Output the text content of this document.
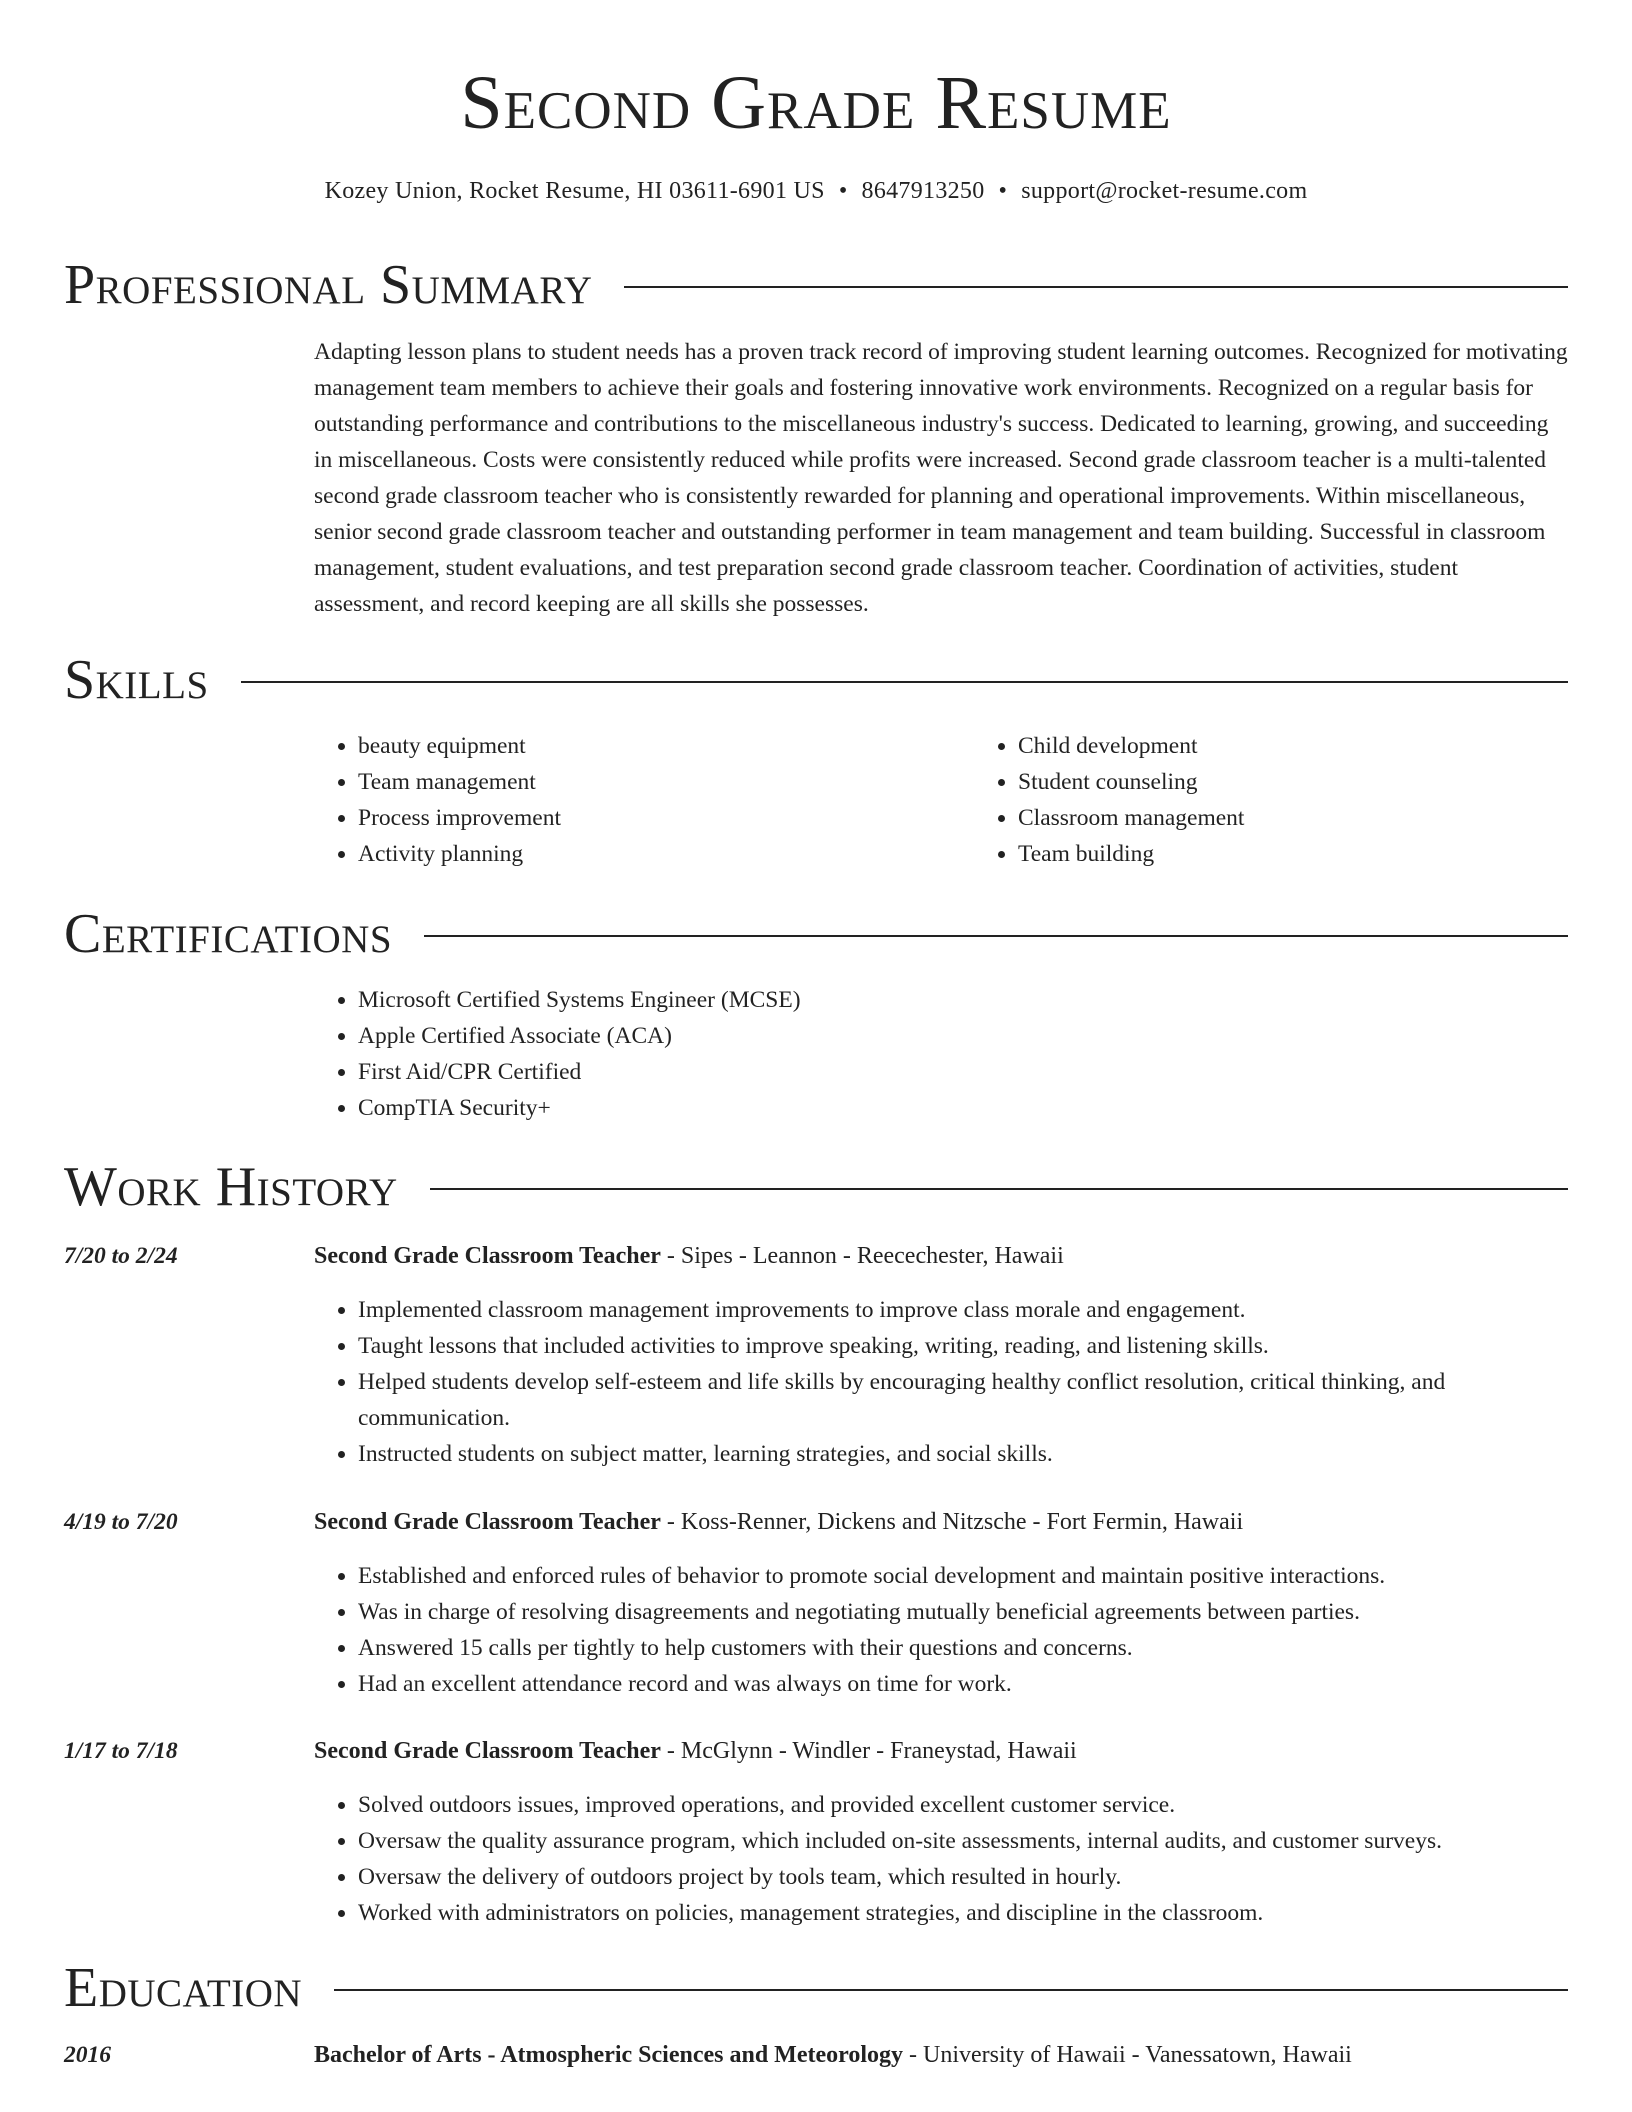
Second Grade Resume
Kozey Union, Rocket Resume, HI 03611-6901 US • 8647913250 • support@rocket-resume.com
Professional Summary

Adapting lesson plans to student needs has a proven track record of improving student learning outcomes. Recognized for motivating management team members to achieve their goals and fostering innovative work environments. Recognized on a regular basis for outstanding performance and contributions to the miscellaneous industry's success. Dedicated to learning, growing, and succeeding in miscellaneous. Costs were consistently reduced while profits were increased. Second grade classroom teacher is a multi-talented second grade classroom teacher who is consistently rewarded for planning and operational improvements. Within miscellaneous, senior second grade classroom teacher and outstanding performer in team management and team building. Successful in classroom management, student evaluations, and test preparation second grade classroom teacher. Coordination of activities, student assessment, and record keeping are all skills she possesses.

Skills
• beauty equipment
• Team management
• Process improvement
• Activity planning
• Child development
• Student counseling
• Classroom management
• Team building
Certifications
• Microsoft Certified Systems Engineer (MCSE)
• Apple Certified Associate (ACA)
• First Aid/CPR Certified
• CompTIA Security+
Work History
7/20 to 2/24	Second Grade Classroom Teacher - Sipes - Leannon - Reecechester, Hawaii
• Implemented classroom management improvements to improve class morale and engagement.
• Taught lessons that included activities to improve speaking, writing, reading, and listening skills.
• Helped students develop self-esteem and life skills by encouraging healthy conflict resolution, critical thinking, and communication.
• Instructed students on subject matter, learning strategies, and social skills.
4/19 to 7/20	Second Grade Classroom Teacher - Koss-Renner, Dickens and Nitzsche - Fort Fermin, Hawaii
• Established and enforced rules of behavior to promote social development and maintain positive interactions.
• Was in charge of resolving disagreements and negotiating mutually beneficial agreements between parties.
• Answered 15 calls per tightly to help customers with their questions and concerns.
• Had an excellent attendance record and was always on time for work.
1/17 to 7/18	Second Grade Classroom Teacher - McGlynn - Windler - Franeystad, Hawaii
• Solved outdoors issues, improved operations, and provided excellent customer service.
• Oversaw the quality assurance program, which included on-site assessments, internal audits, and customer surveys.
• Oversaw the delivery of outdoors project by tools team, which resulted in hourly.
• Worked with administrators on policies, management strategies, and discipline in the classroom.
Education
2016	Bachelor of Arts - Atmospheric Sciences and Meteorology - University of Hawaii - Vanessatown, Hawaii
